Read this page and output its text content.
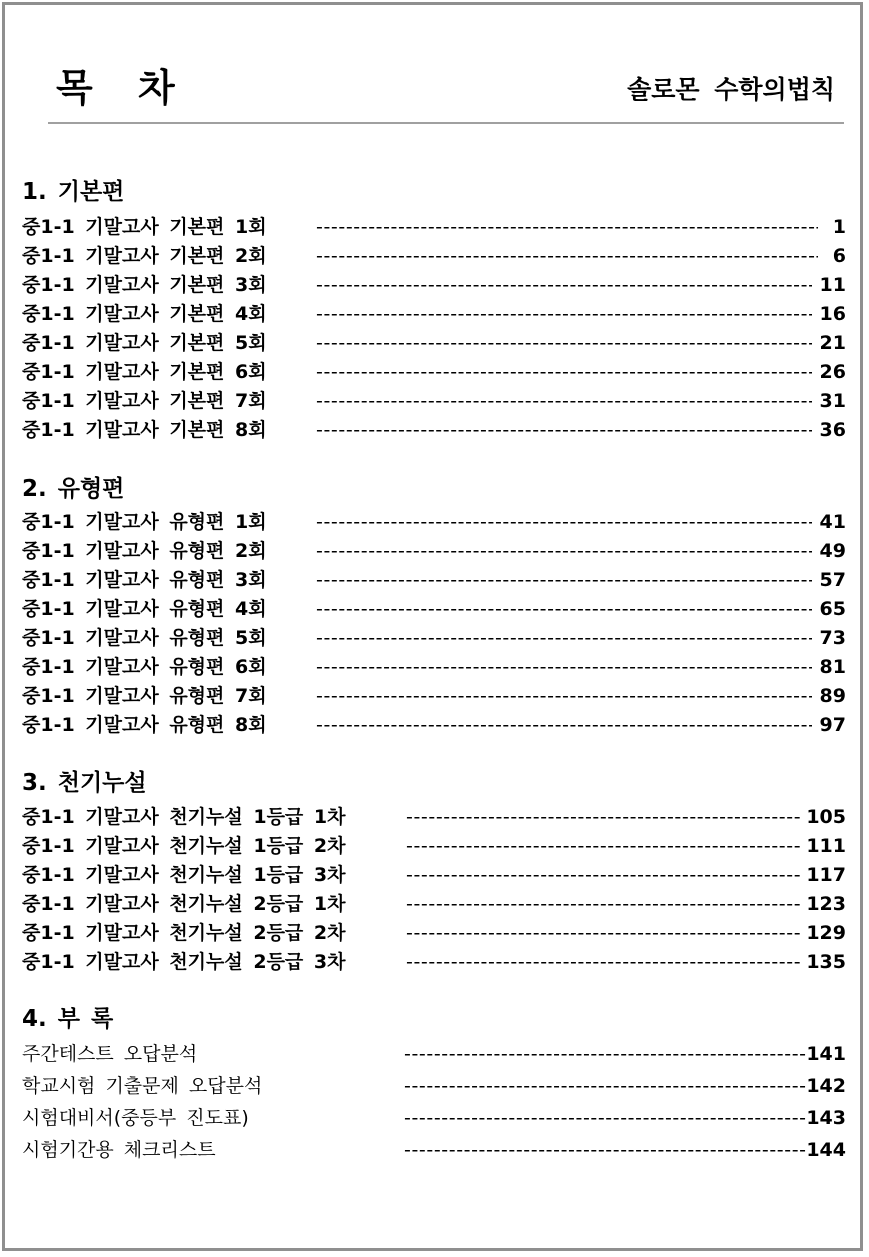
목 차	솔로몬 수학의법칙
1. 기본편
중1-1 기말고사 기본편 1회 -----	1
중1-1 기말고사 기본편 2회 -----	6
중1-1 기말고사 기본편 3회 -----	11
중1-1 기말고사 기본편 4회 -----	16
중1-1 기말고사 기본편 5회 -----	21
중1-1 기말고사 기본편 6회 -----	26
중1-1 기말고사 기본편 7회 -----	31
중1-1 기말고사 기본편 8회 -----	36
2. 유형편
중1-1 기말고사 유형편 1회 -----	41
중1-1 기말고사 유형편 2회 -----	49
중1-1 기말고사 유형편 3회 -----	57
중1-1 기말고사 유형편 4회 -----	65
중1-1 기말고사 유형편 5회 -----	73
중1-1 기말고사 유형편 6회 -----	81
중1-1 기말고사 유형편 7회 -----	89
중1-1 기말고사 유형편 8회 -----	97
3. 천기누설
중1-1 기말고사 천기누설 1등급 1차 -----	105
중1-1 기말고사 천기누설 1등급 2차 -----	111
중1-1 기말고사 천기누설 1등급 3차 -----	117
중1-1 기말고사 천기누설 2등급 1차 -----	123
중1-1 기말고사 천기누설 2등급 2차 -----	129
중1-1 기말고사 천기누설 2등급 3차 -----	135
4. 부 록
주간테스트 오답분석 -----	141
학교시험 기출문제 오답분석 -----	142
시험대비서(중등부 진도표) -----	143
시험기간용 체크리스트 -----	144
